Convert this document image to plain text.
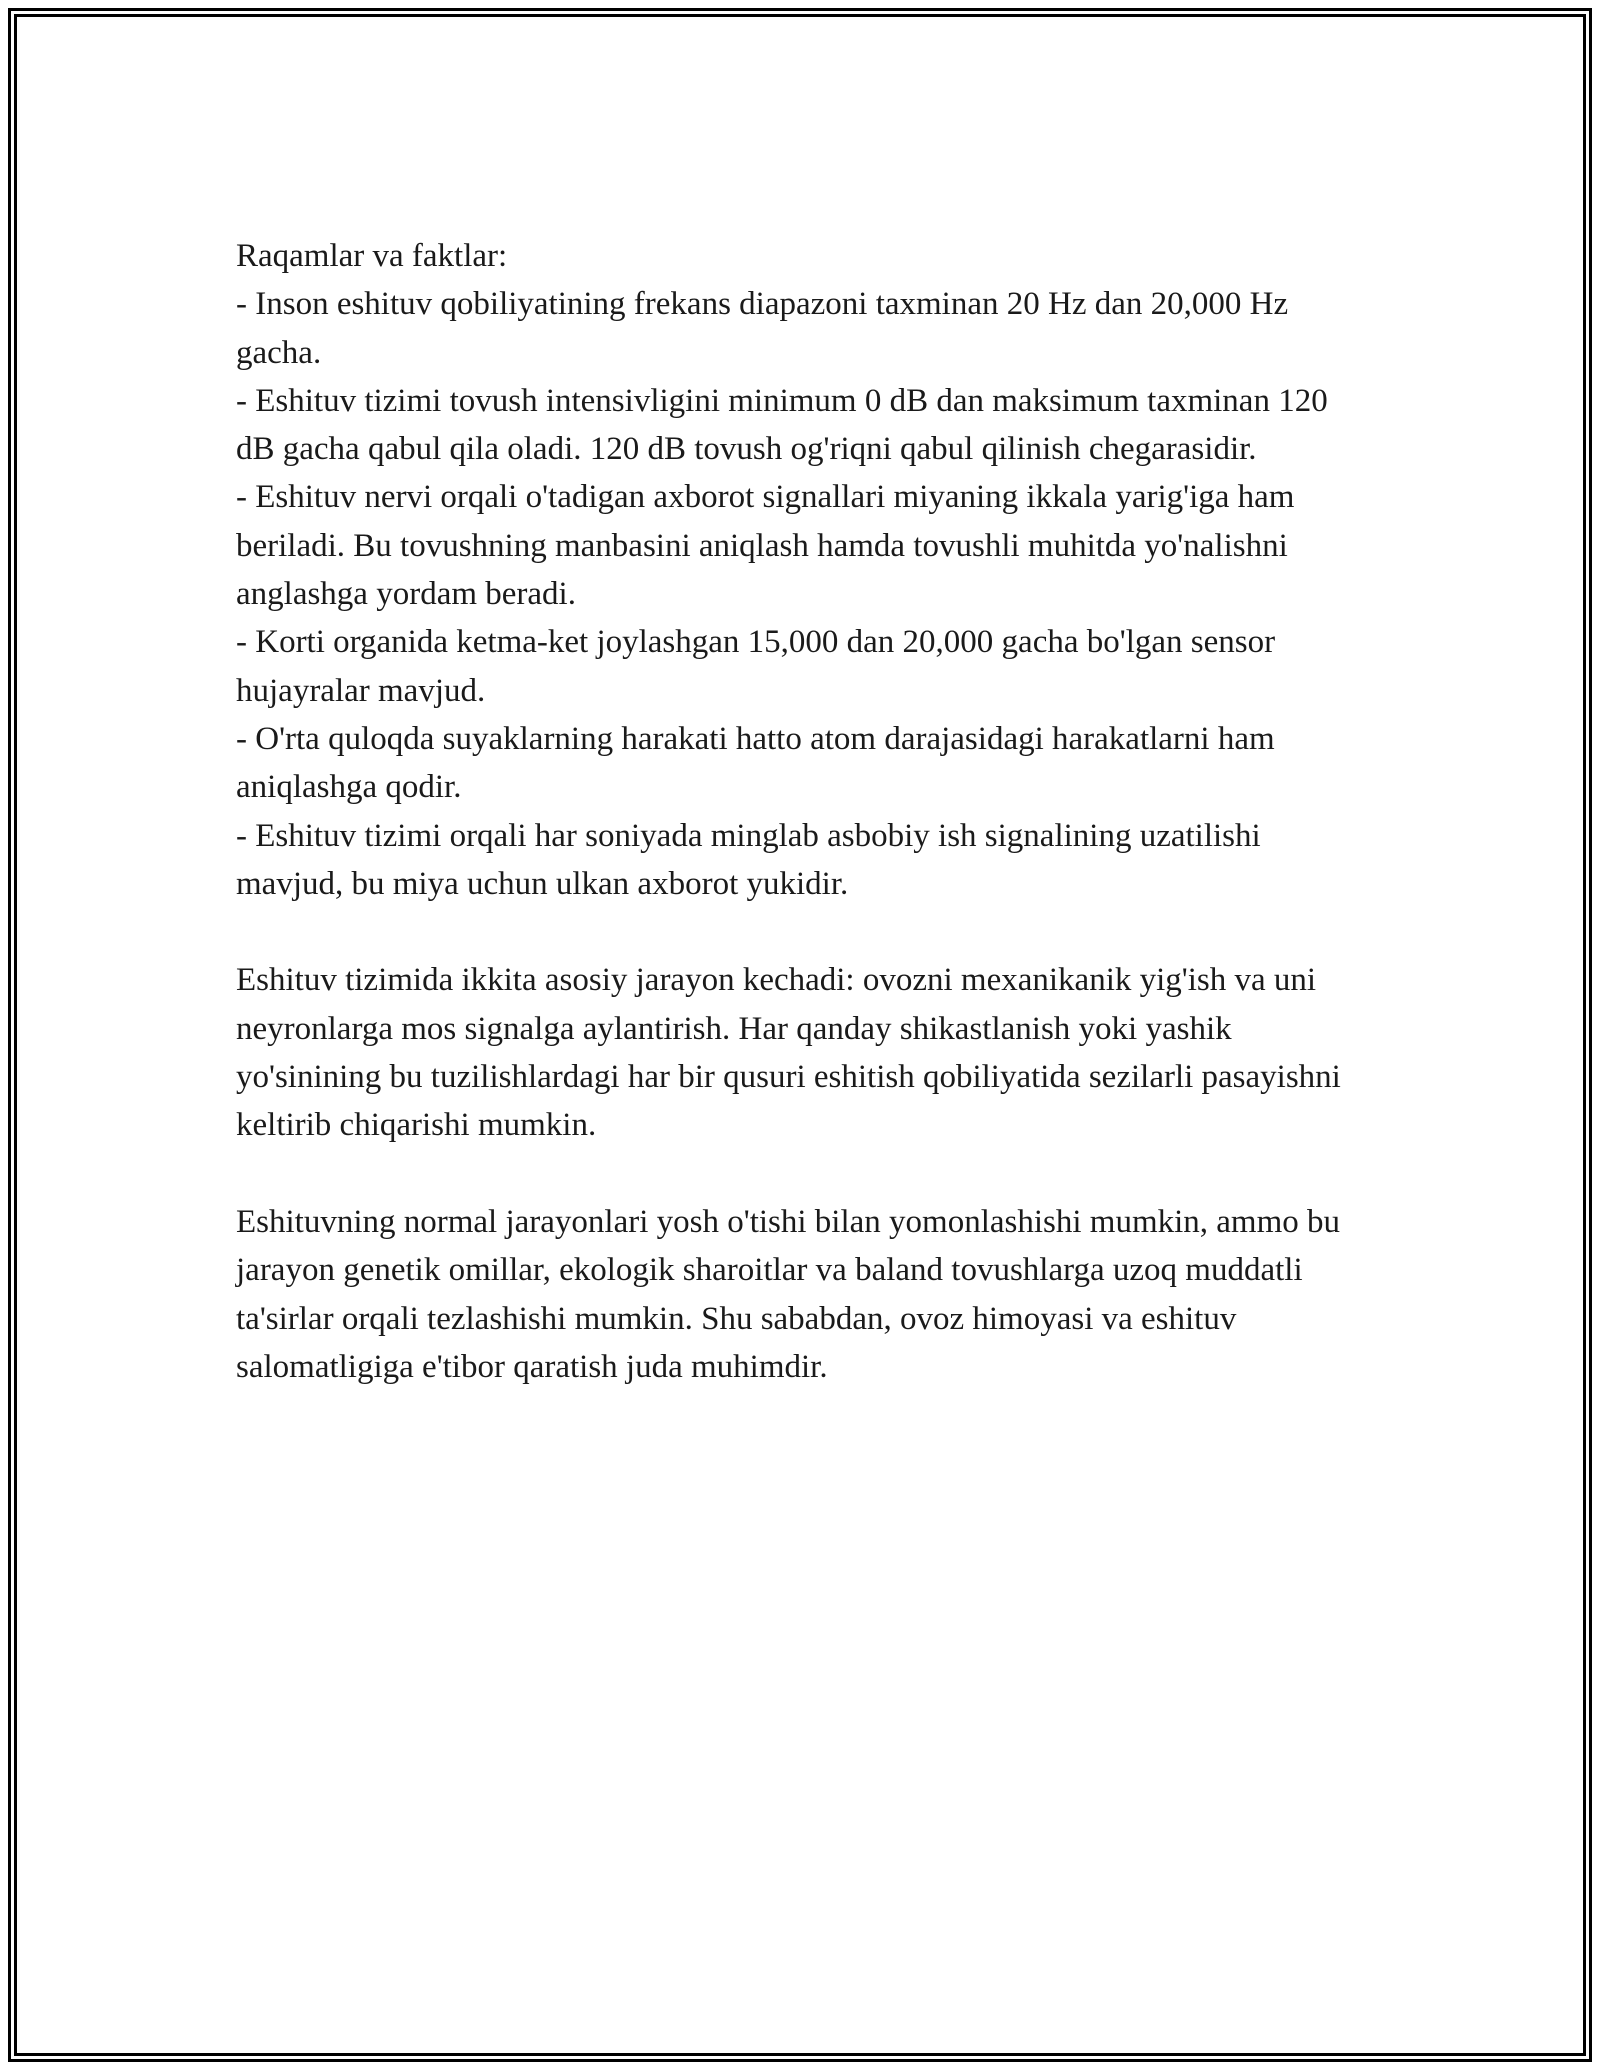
Raqamlar va faktlar:

- Inson eshituv qobiliyatining frekans diapazoni taxminan 20 Hz dan 20,000 Hz gacha.

- Eshituv tizimi tovush intensivligini minimum 0 dB dan maksimum taxminan 120 dB gacha qabul qila oladi. 120 dB tovush og'riqni qabul qilinish chegarasidir.

- Eshituv nervi orqali o'tadigan axborot signallari miyaning ikkala yarig'iga ham beriladi. Bu tovushning manbasini aniqlash hamda tovushli muhitda yo'nalishni anglashga yordam beradi.

- Korti organida ketma-ket joylashgan 15,000 dan 20,000 gacha bo'lgan sensor hujayralar mavjud.

- O'rta quloqda suyaklarning harakati hatto atom darajasidagi harakatlarni ham aniqlashga qodir.

- Eshituv tizimi orqali har soniyada minglab asbobiy ish signalining uzatilishi mavjud, bu miya uchun ulkan axborot yukidir.

Eshituv tizimida ikkita asosiy jarayon kechadi: ovozni mexanikanik yig'ish va uni neyronlarga mos signalga aylantirish. Har qanday shikastlanish yoki yashik yo'sinining bu tuzilishlardagi har bir qusuri eshitish qobiliyatida sezilarli pasayishni keltirib chiqarishi mumkin.

Eshituvning normal jarayonlari yosh o'tishi bilan yomonlashishi mumkin, ammo bu jarayon genetik omillar, ekologik sharoitlar va baland tovushlarga uzoq muddatli ta'sirlar orqali tezlashishi mumkin. Shu sababdan, ovoz himoyasi va eshituv salomatligiga e'tibor qaratish juda muhimdir.
